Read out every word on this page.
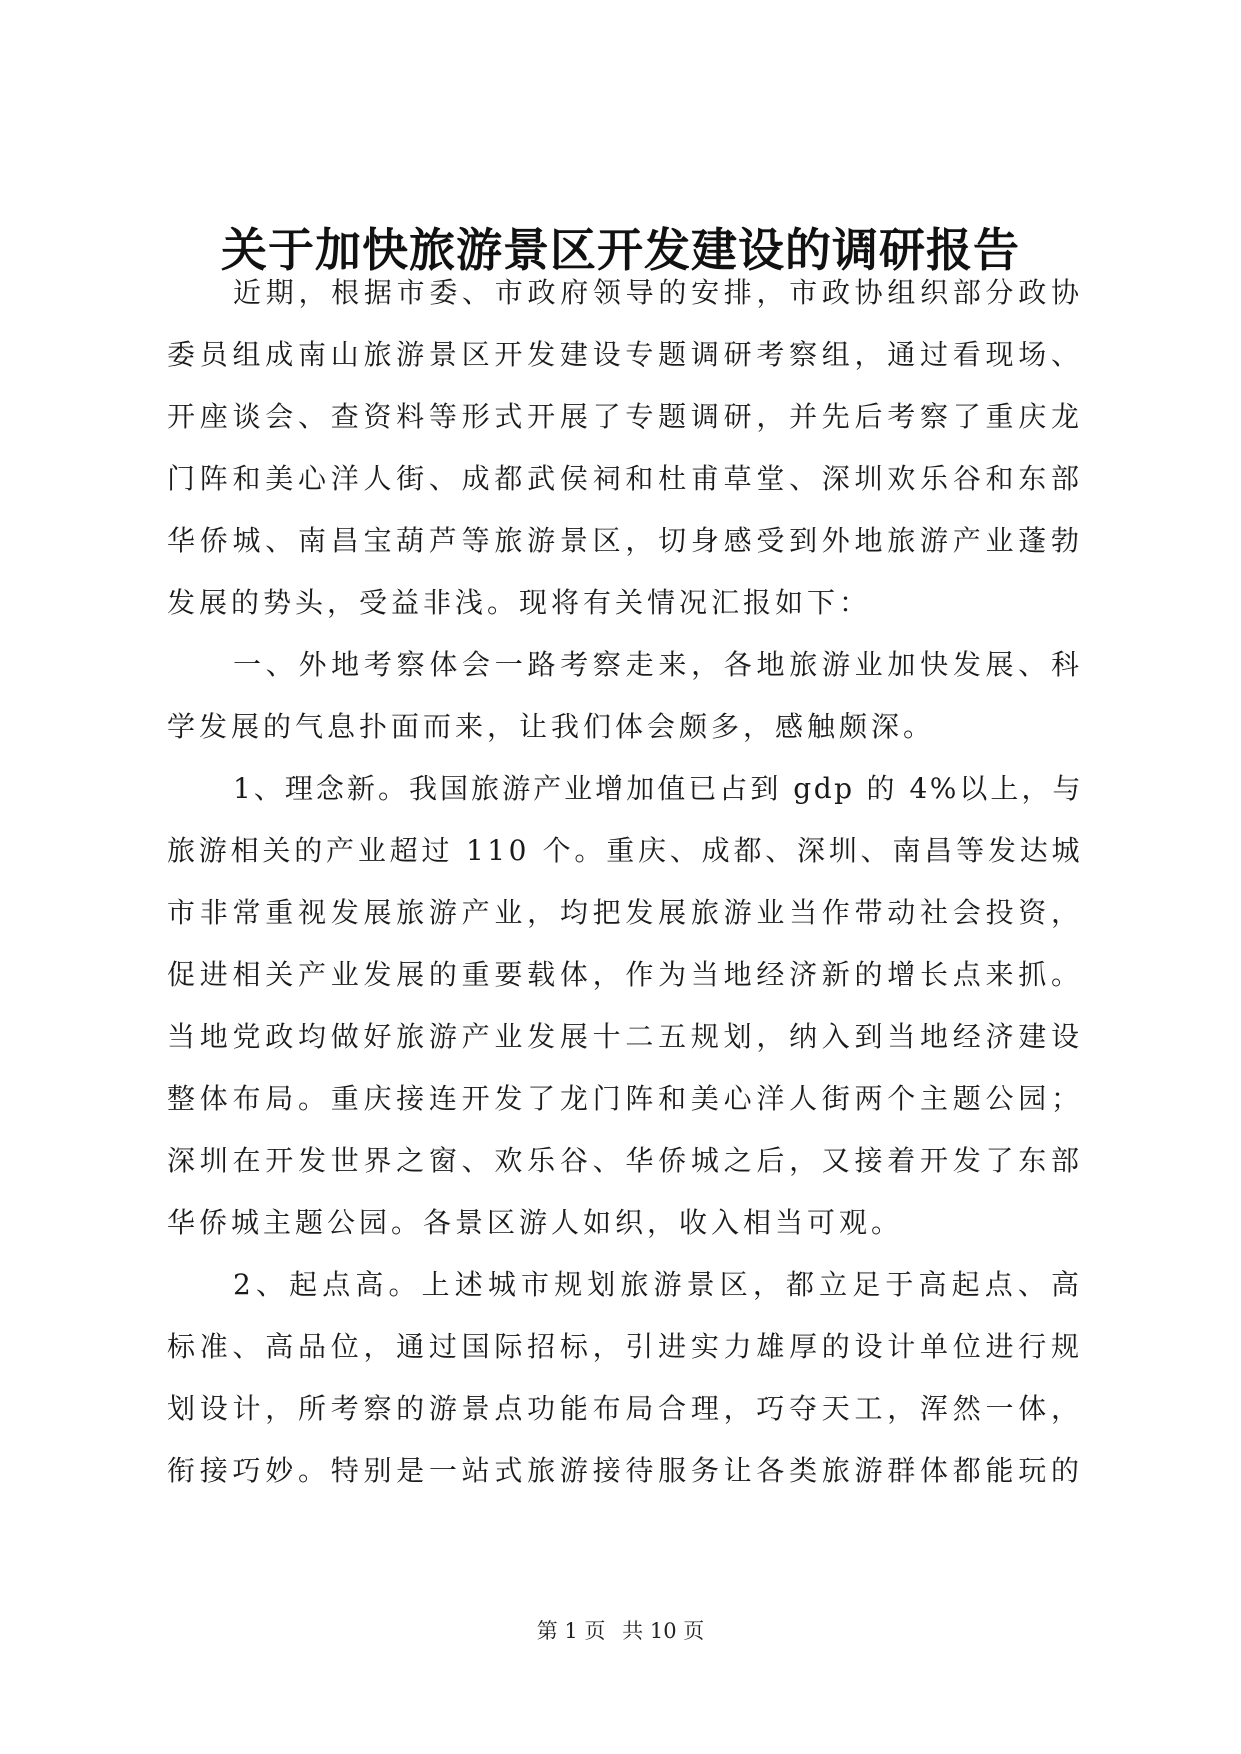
关于加快旅游景区开发建设的调研报告
近期，根据市委、市政府领导的安排，市政协组织部分政协
委员组成南山旅游景区开发建设专题调研考察组，通过看现场、
开座谈会、查资料等形式开展了专题调研，并先后考察了重庆龙
门阵和美心洋人街、成都武侯祠和杜甫草堂、深圳欢乐谷和东部
华侨城、南昌宝葫芦等旅游景区，切身感受到外地旅游产业蓬勃
发展的势头，受益非浅。现将有关情况汇报如下：
一、外地考察体会一路考察走来，各地旅游业加快发展、科
学发展的气息扑面而来，让我们体会颇多，感触颇深。
1、理念新。我国旅游产业增加值已占到 gdp 的 4%以上，与
旅游相关的产业超过 110 个。重庆、成都、深圳、南昌等发达城
市非常重视发展旅游产业，均把发展旅游业当作带动社会投资，
促进相关产业发展的重要载体，作为当地经济新的增长点来抓。
当地党政均做好旅游产业发展十二五规划，纳入到当地经济建设
整体布局。重庆接连开发了龙门阵和美心洋人街两个主题公园；
深圳在开发世界之窗、欢乐谷、华侨城之后，又接着开发了东部
华侨城主题公园。各景区游人如织，收入相当可观。
2、起点高。上述城市规划旅游景区，都立足于高起点、高
标准、高品位，通过国际招标，引进实力雄厚的设计单位进行规
划设计，所考察的游景点功能布局合理，巧夺天工，浑然一体，
衔接巧妙。特别是一站式旅游接待服务让各类旅游群体都能玩的
第 1 页 共 10 页
